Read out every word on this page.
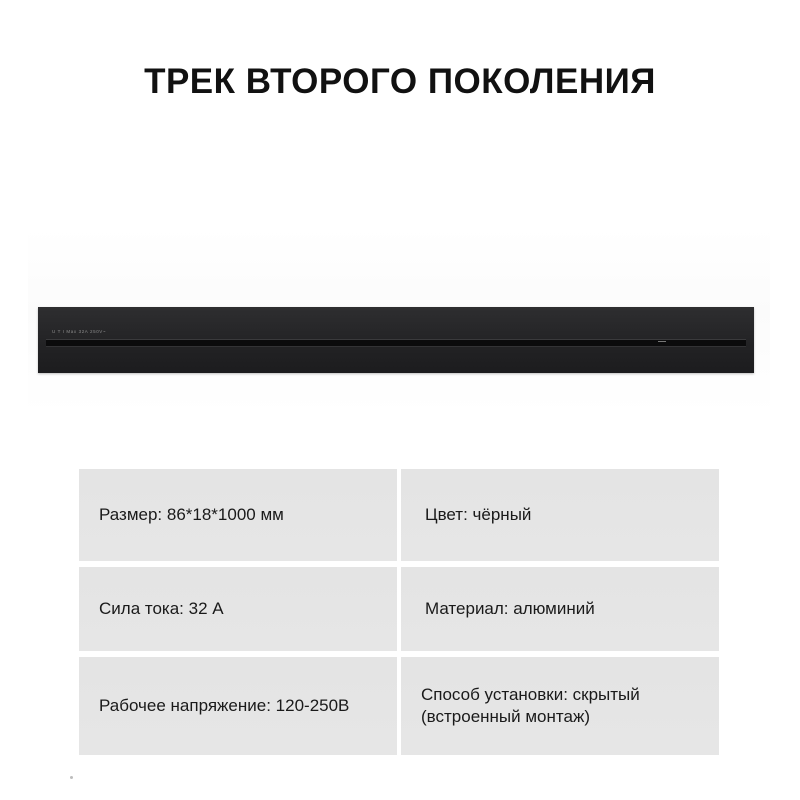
ТРЕК ВТОРОГО ПОКОЛЕНИЯ
U T I Max 32A 250V~
Размер: 86*18*1000 мм	Цвет: чёрный
Сила тока: 32 А	Материал: алюминий
Рабочее напряжение: 120-250В
Способ установки: скрытый
(встроенный монтаж)
